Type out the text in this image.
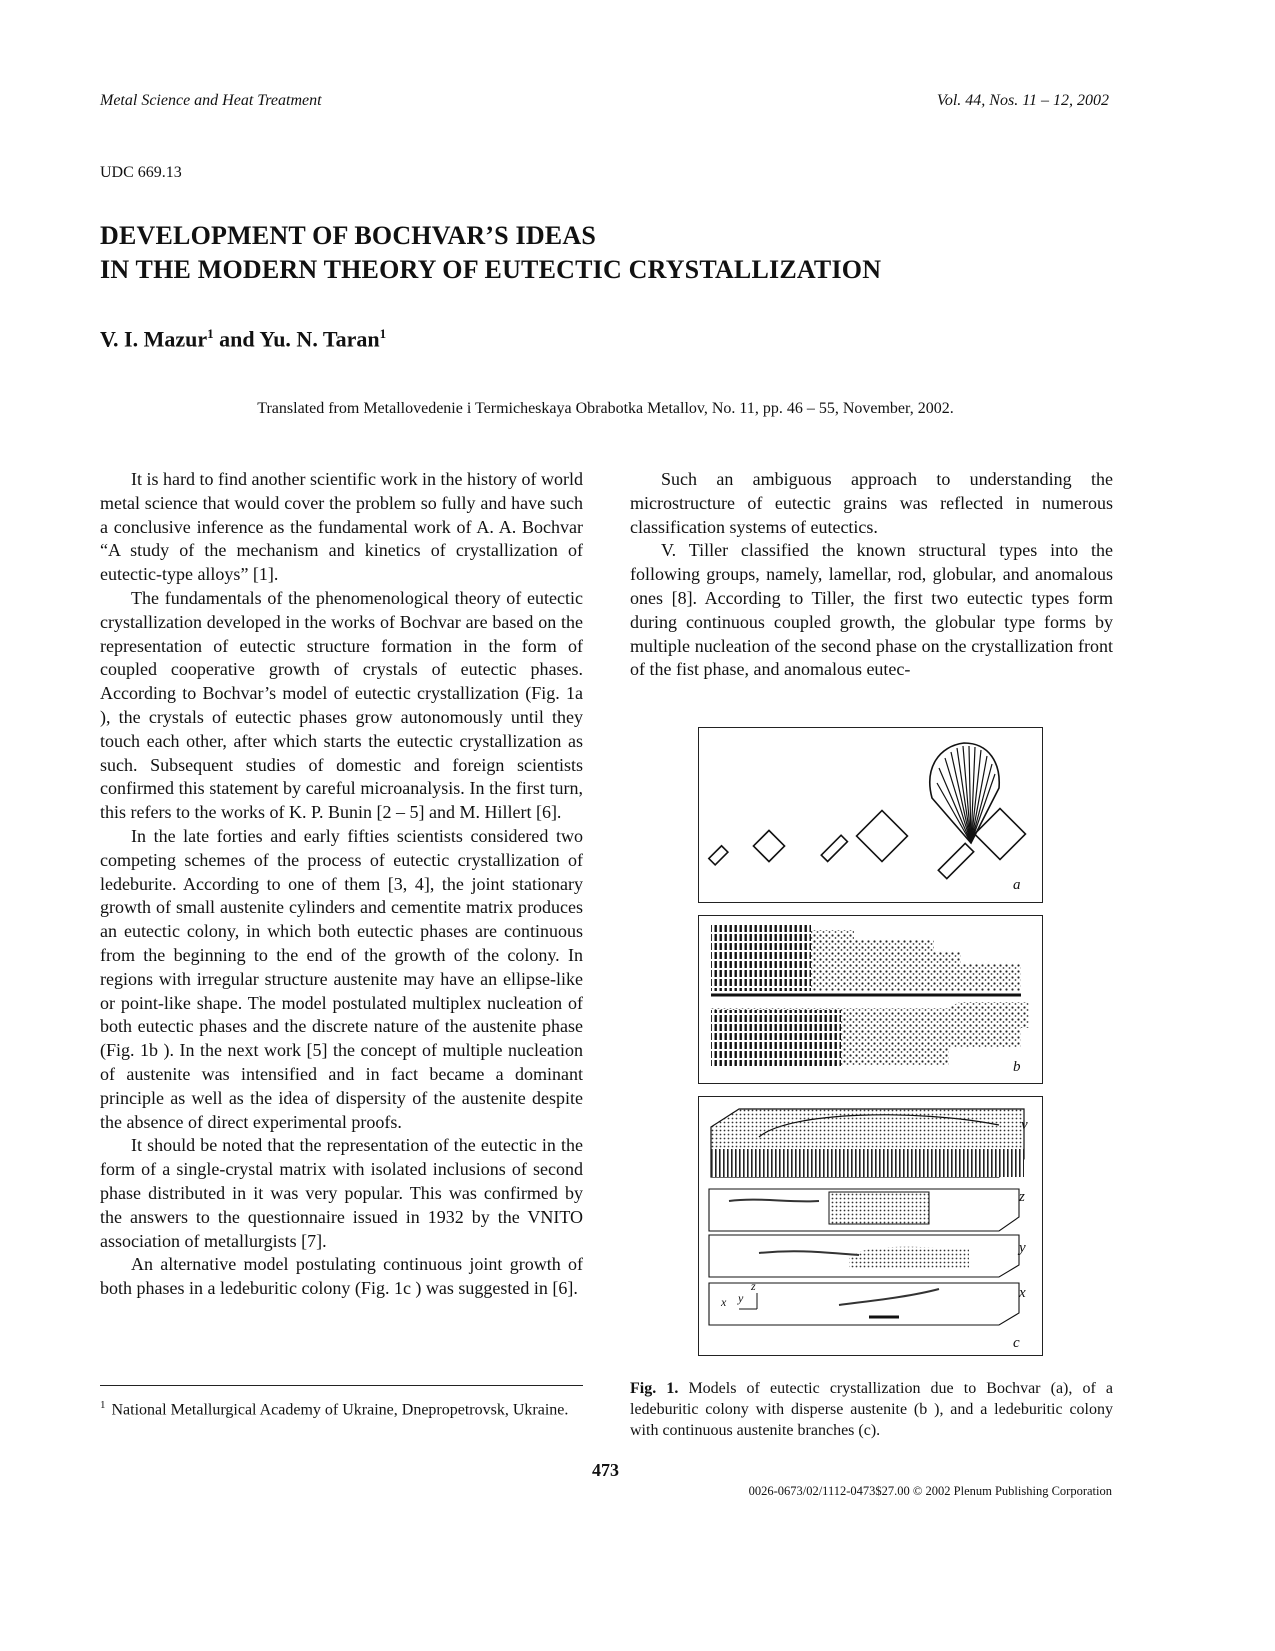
Metal Science and Heat Treatment	Vol. 44, Nos. 11 – 12, 2002
UDC 669.13
DEVELOPMENT OF BOCHVAR’S IDEAS
IN THE MODERN THEORY OF EUTECTIC CRYSTALLIZATION
V. I. Mazur$^1$ and Yu. N. Taran$^1$
Translated from Metallovedenie i Termicheskaya Obrabotka Metallov, No. 11, pp. 46 – 55, November, 2002.

It is hard to find another scientific work in the history of world metal science that would cover the problem so fully and have such a conclusive inference as the fundamental work of A. A. Bochvar “A study of the mechanism and kinetics of crystallization of eutectic-type alloys” [1].

The fundamentals of the phenomenological theory of eutectic crystallization developed in the works of Bochvar are based on the representation of eutectic structure formation in the form of coupled cooperative growth of crystals of eutectic phases. According to Bochvar’s model of eutectic crystallization (Fig. 1a ), the crystals of eutectic phases grow autonomously until they touch each other, after which starts the eutectic crystallization as such. Subsequent studies of domestic and foreign scientists confirmed this statement by careful microanalysis. In the first turn, this refers to the works of K. P. Bunin [2 – 5] and M. Hillert [6].

In the late forties and early fifties scientists considered two competing schemes of the process of eutectic crystallization of ledeburite. According to one of them [3, 4], the joint stationary growth of small austenite cylinders and cementite matrix produces an eutectic colony, in which both eutectic phases are continuous from the beginning to the end of the growth of the colony. In regions with irregular structure austenite may have an ellipse-like or point-like shape. The model postulated multiplex nucleation of both eutectic phases and the discrete nature of the austenite phase (Fig. 1b ). In the next work [5] the concept of multiple nucleation of austenite was intensified and in fact became a dominant principle as well as the idea of dispersity of the austenite despite the absence of direct experimental proofs.

It should be noted that the representation of the eutectic in the form of a single-crystal matrix with isolated inclusions of second phase distributed in it was very popular. This was confirmed by the answers to the questionnaire issued in 1932 by the VNITO association of metallurgists [7].

An alternative model postulating continuous joint growth of both phases in a ledeburitic colony (Fig. 1c ) was suggested in [6].

Such an ambiguous approach to understanding the microstructure of eutectic grains was reflected in numerous classification systems of eutectics.

V. Tiller classified the known structural types into the following groups, namely, lamellar, rod, globular, and anomalous ones [8]. According to Tiller, the first two eutectic types form during continuous coupled growth, the globular type forms by multiple nucleation of the second phase on the crystallization front of the fist phase, and anomalous eutec-

a
b
v
z
y
x
x y
z
c
Fig. 1. Models of eutectic crystallization due to Bochvar (a), of a ledeburitic colony with disperse austenite (b ), and a ledeburitic colony with continuous austenite branches (c).
$^1$ National Metallurgical Academy of Ukraine, Dnepropetrovsk, Ukraine.
473
0026-0673/02/1112-0473$27.00 © 2002 Plenum Publishing Corporation
